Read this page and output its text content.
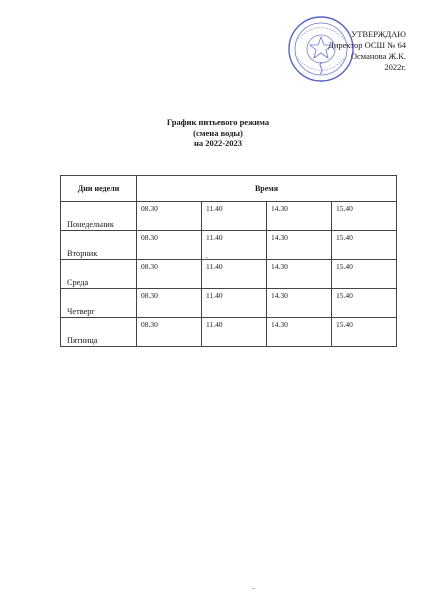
УТВЕРЖДАЮ
Директор ОСШ № 64
Османова Ж.К.
2022г.
График питьевого режима
(смена воды)
на 2022-2023
Дни недели	Время			
Понедельник	08.30	11.40	14.30	15.40
Вторник	08.30	11.40	14.30	15.40
Среда	08.30	11.40	14.30	15.40
Четверг	08.30	11.40	14.30	15.40
Пятница	08.30	11.40	14.30	15.40
